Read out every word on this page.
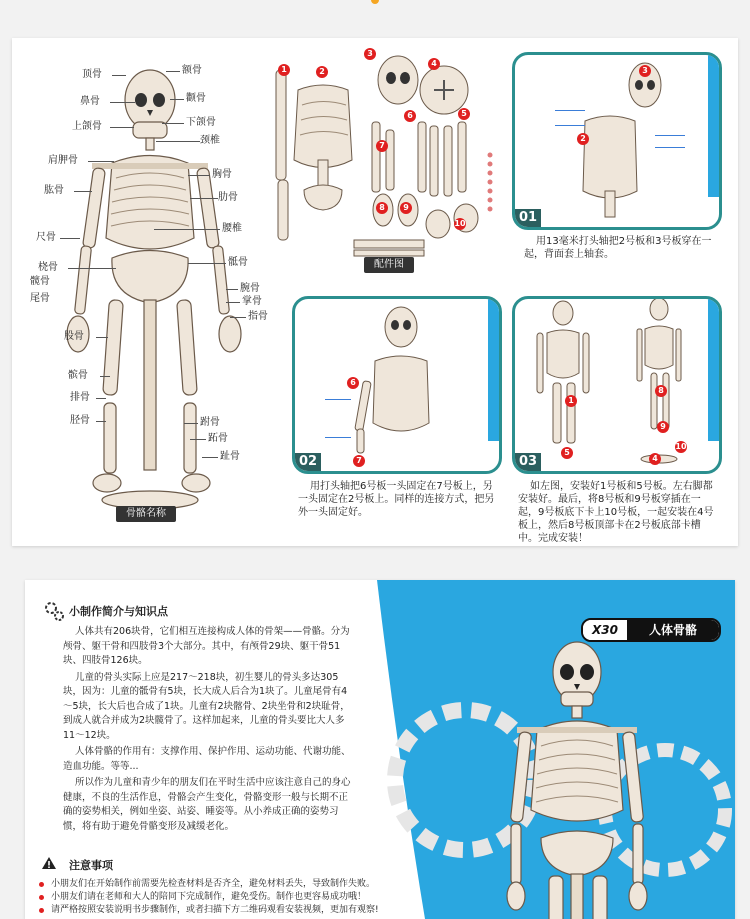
顶骨
鼻骨
上颌骨
肩胛骨
肱骨
尺骨
桡骨
髋骨
尾骨
股骨
髌骨
排骨
胫骨
额骨
颧骨
下颌骨
颈椎
胸骨
肋骨
腰椎
骶骨
腕骨
掌骨
指骨
跗骨
跖骨
趾骨
骨骼名称
1	2
3
4
5
6
7
8	9
10
配件图
3
2
01
用13毫米打头轴把2号板和3号板穿在一起，背面套上轴套。
6
7
02
用打头轴把6号板一头固定在7号板上，另一头固定在2号板上。同样的连接方式，把另外一头固定好。
1
5
8
9
4
10
03
如左图，安装好1号板和5号板。左右脚都安装好。最后，将8号板和9号板穿插在一起，9号板底下卡上10号板，一起安装在4号板上，然后8号板顶部卡在2号板底部卡槽中。完成安装！
小制作简介与知识点

人体共有206块骨，它们相互连接构成人体的骨架——骨骼。分为颅骨、躯干骨和四肢骨3个大部分。其中，有颅骨29块、躯干骨51块、四肢骨126块。

儿童的骨头实际上应是217～218块，初生婴儿的骨头多达305块，因为：儿童的骶骨有5块，长大成人后合为1块了。儿童尾骨有4～5块，长大后也合成了1块。儿童有2块髂骨、2块坐骨和2块耻骨，到成人就合并成为2块髋骨了。这样加起来，儿童的骨头要比大人多11～12块。

人体骨骼的作用有：支撑作用、保护作用、运动功能、代谢功能、造血功能。等等...

所以作为儿童和青少年的朋友们在平时生活中应该注意自己的身心健康，不良的生活作息，骨骼会产生变化，骨骼变形一般与长期不正确的姿势相关，例如坐姿、站姿、睡姿等。从小养成正确的姿势习惯，将有助于避免骨骼变形及减缓老化。

注意事项
小朋友们在开始制作前需要先检查材料是否齐全，避免材料丢失，导致制作失败。
小朋友们请在老师和大人的陪同下完成制作，避免受伤。制作也更容易成功哦！
请严格按照安装说明书步骤制作，或者扫描下方二维码观看安装视频，更加有观察!
X30	人体骨骼
